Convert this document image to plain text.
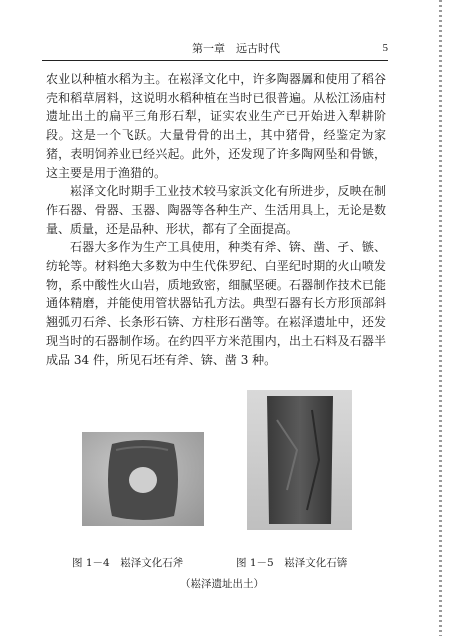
第一章　远古时代	5

农业以种植水稻为主。在崧泽文化中，许多陶器羼和使用了稻谷壳和稻草屑料，这说明水稻种植在当时已很普遍。从松江汤庙村遗址出土的扁平三角形石犁，证实农业生产已开始进入犁耕阶段。这是一个飞跃。大量骨骨的出土，其中猪骨，经鉴定为家猪，表明饲养业已经兴起。此外，还发现了许多陶网坠和骨镞，这主要是用于渔猎的。

崧泽文化时期手工业技术较马家浜文化有所进步，反映在制作石器、骨器、玉器、陶器等各种生产、生活用具上，无论是数量、质量，还是品种、形状，都有了全面提高。

石器大多作为生产工具使用，种类有斧、锛、凿、孑、镞、纺轮等。材料绝大多数为中生代侏罗纪、白垩纪时期的火山喷发物，系中酸性火山岩，质地致密，细腻坚硬。石器制作技术已能通体精磨，并能使用管状器钻孔方法。典型石器有长方形顶部斜翘弧刃石斧、长条形石锛、方柱形石凿等。在崧泽遗址中，还发现当时的石器制作场。在约四平方米范围内，出土石料及石器半成品 34 件，所见石坯有斧、锛、凿 3 种。

图 1－4　崧泽文化石斧	图 1－5　崧泽文化石锛
（崧泽遗址出土）
